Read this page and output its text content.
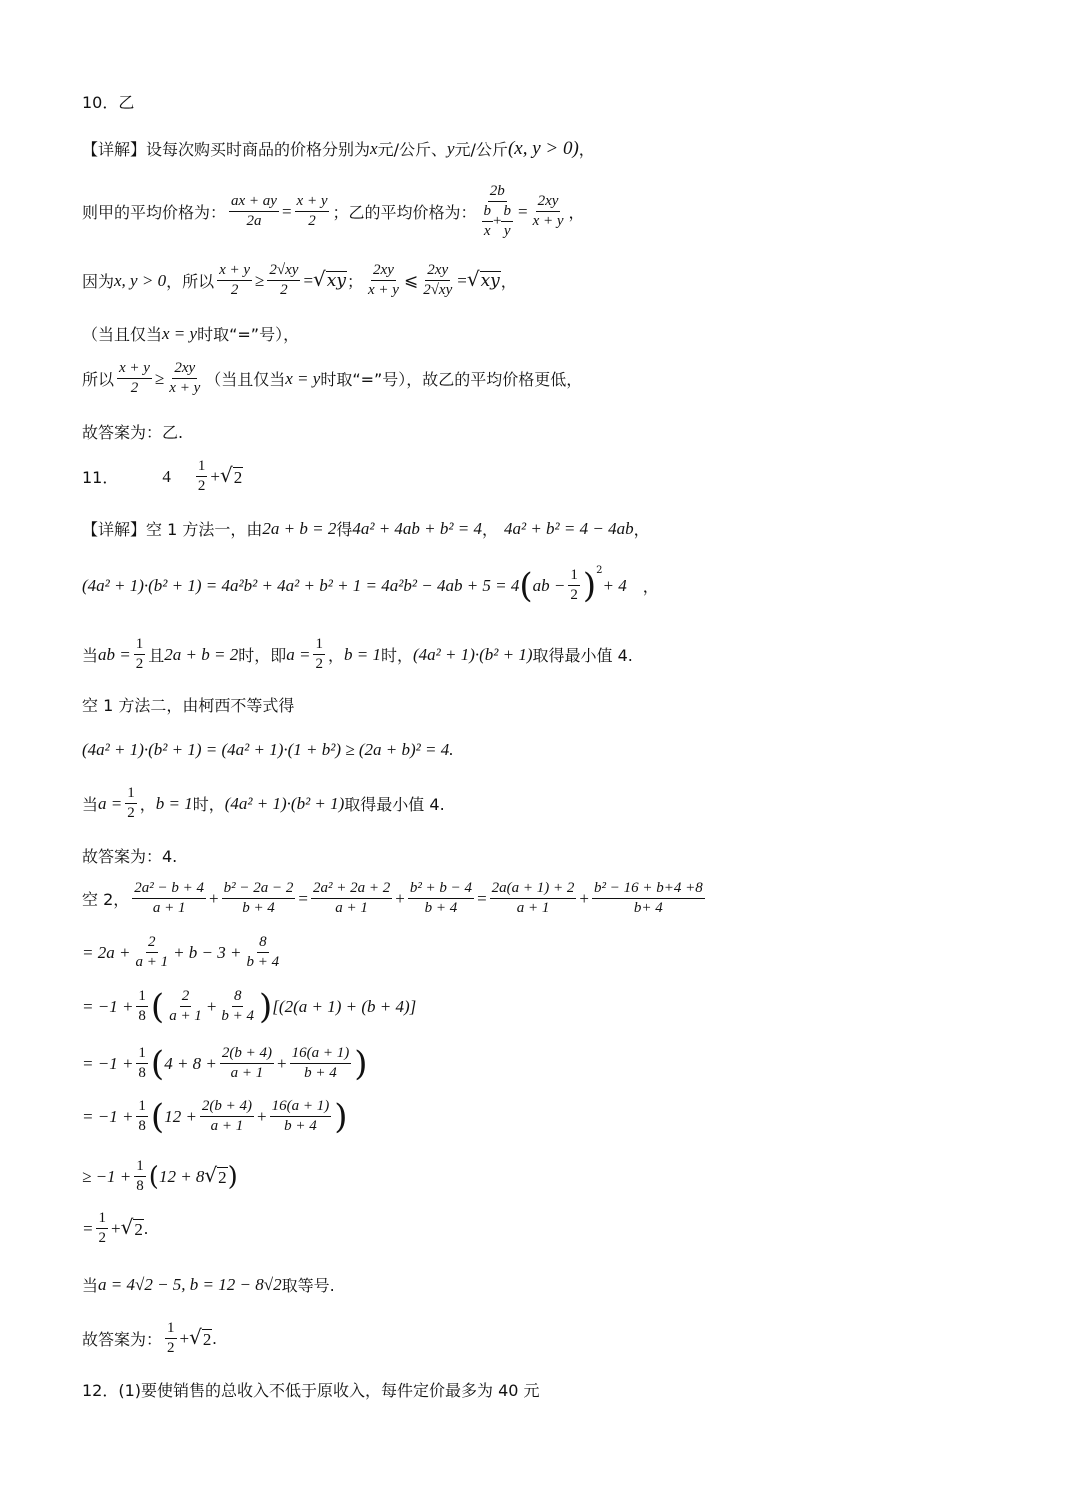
10．乙
【详解】 设每次购买时商品的价格分别为 x 元/公斤、 y 元/公斤 (x, y > 0) ，
则甲的平均价格为： $\frac{ax + ay}{2a} = \frac{x + y}{2}$ ；乙的平均价格为： $\frac{2b}{\frac{b}{x} + \frac{b}{y}} = \frac{2xy}{x + y}$ ，
因为 x, y > 0 ，所以 $\frac{x + y}{2} \ge \frac{2√xy}{2}$ = √ xy ； $\frac{2xy}{x + y}$ ⩽ $\frac{2xy}{2√xy}$ = √ xy ，
（当且仅当 x = y 时取“=”号），
所以 $\frac{x + y}{2} \ge \frac{2xy}{x + y}$ （当且仅当 x = y 时取“=”号），故乙的平均价格更低，
故答案为：乙.
11．	$4 \frac{1}{2}$ + √ 2
【详解】 空 1 方法一，由 2a + b = 2 得 4a² + 4ab + b² = 4 ， 4a² + b² = 4 − 4ab ，
(4a² + 1)·(b² + 1) = 4a²b² + 4a² + b² + 1 = 4a²b² − 4ab + 5 = 4 ( ab − $\frac{1}{2} )^2$
+ 4 ，
当 ab = $\frac{1}{2}$ 且 2a + b = 2 时，即 $a = \frac{1}{2}$ ， b = 1 时， (4a² + 1)·(b² + 1) 取得最小值 4.
空 1 方法二，由柯西不等式得
(4a² + 1)·(b² + 1) = (4a² + 1)·(1 + b²) ≥ (2a + b)² = 4.
当 $a = \frac{1}{2}$ ， b = 1 时， (4a² + 1)·(b² + 1) 取得最小值 4.
故答案为：4.
空 2， $\frac{\text{2a² − b + 4}}{a + 1} + \frac{\text{b² − 2a − 2}}{b + 4} = \frac{\text{2a² + 2a + 2}}{a + 1} + \frac{\text{b² + b − 4}}{b + 4} = \frac{2a(a + 1) + 2}{a + 1} + \frac{\text{b² − 16 + b+4 +8}}{b+ 4}$
= $2a + \frac{2}{a + 1} + b - 3 + \frac{8}{b + 4}$
= $-1 + \frac{1}{8}$ ( $\frac{2}{a + 1} + \frac{8}{b + 4}$ ) [(2(a + 1) + (b + 4)]
= $-1 + \frac{1}{8}$ ( $4 + 8 + \frac{2(b + 4)}{a + 1} + \frac{16(a + 1)}{b + 4}$ )
= $-1 + \frac{1}{8}$ ( $12 + \frac{2(b + 4)}{a + 1} + \frac{16(a + 1)}{b + 4}$ )
≥ $-1 + \frac{1}{8}$ ( 12 + 8 √ 2 )
= $\frac{1}{2}$ + √ 2 .
当 a = 4√2 − 5, b = 12 − 8√2 取等号.
故答案为： $\frac{1}{2}$ + √ 2 .
12．(1)要使销售的总收入不低于原收入，每件定价最多为 40 元
